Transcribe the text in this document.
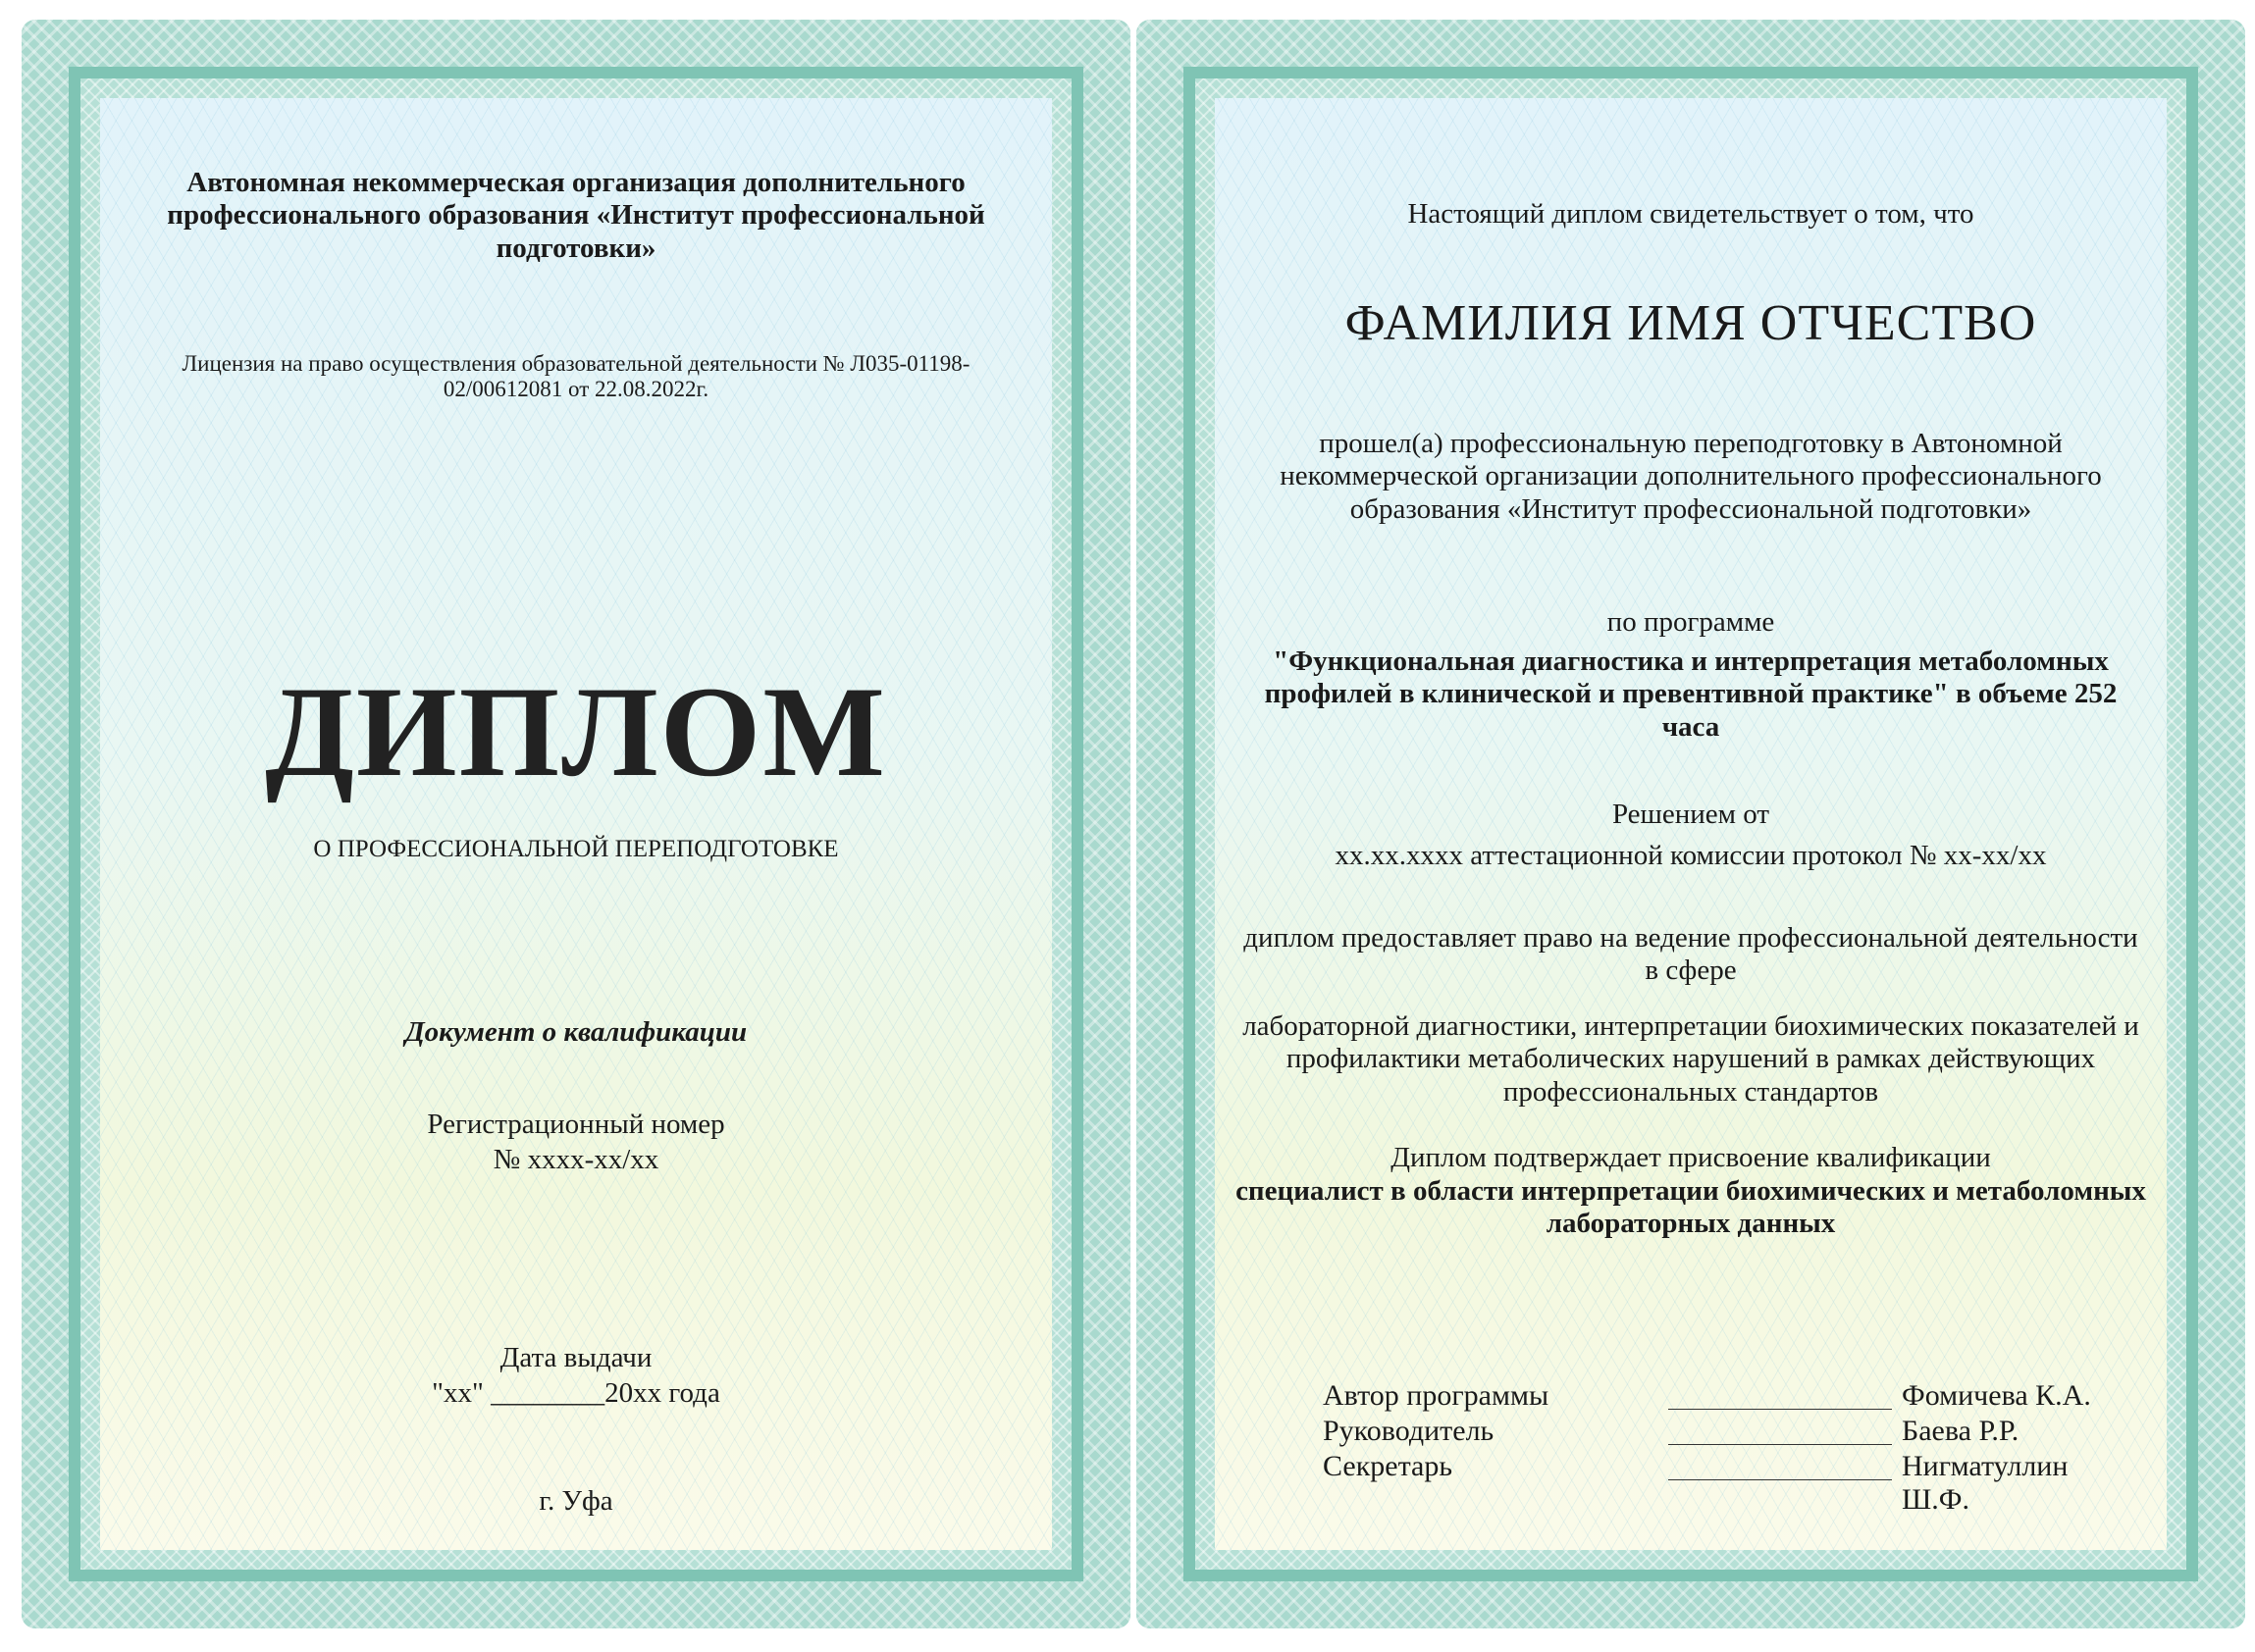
Автономная некоммерческая организация дополнительного профессионального образования «Институт профессиональной подготовки»

Лицензия на право осуществления образовательной деятельности № Л035-01198-02/00612081 от 22.08.2022г.

ДИПЛОМ

О ПРОФЕССИОНАЛЬНОЙ ПЕРЕПОДГОТОВКЕ

Документ о квалификации

Регистрационный номер

№ xxxx-xx/xx

Дата выдачи

"xx" ________20xx года

г. Уфа

Настоящий диплом свидетельствует о том, что

ФАМИЛИЯ ИМЯ ОТЧЕСТВО

прошел(а) профессиональную переподготовку в Автономной некоммерческой организации дополнительного профессионального образования «Институт профессиональной подготовки»

по программе

"Функциональная диагностика и интерпретация метаболомных профилей в клинической и превентивной практике" в объеме 252 часа

Решением от

xx.xx.xxxx аттестационной комиссии протокол № xx-xx/xx

диплом предоставляет право на ведение профессиональной деятельности в сфере

лабораторной диагностики, интерпретации биохимических показателей и профилактики метаболических нарушений в рамках действующих профессиональных стандартов

Диплом подтверждает присвоение квалификации

специалист в области интерпретации биохимических и метаболомных лабораторных данных

Автор программы	Фомичева К.А.
Руководитель	Баева Р.Р.
Секретарь	Нигматуллин Ш.Ф.
